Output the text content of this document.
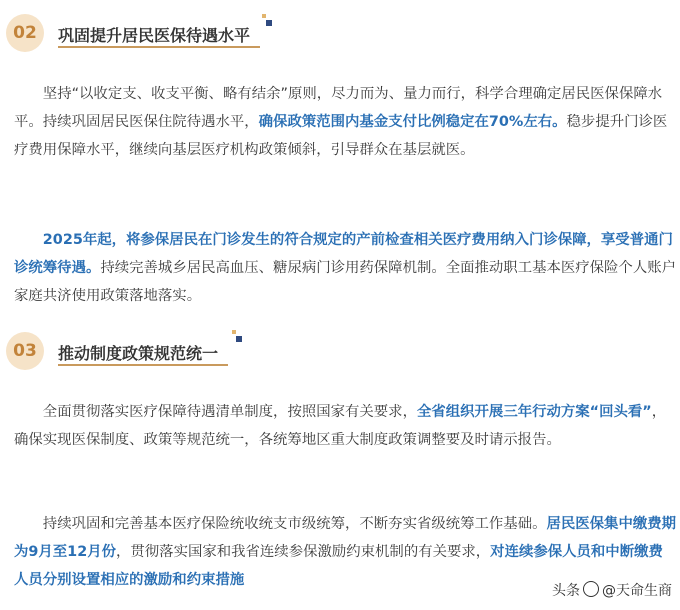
02	巩固提升居民医保待遇水平

坚持“以收定支、收支平衡、略有结余”原则，尽力而为、量力而行，科学合理确定居民医保保障水平。持续巩固居民医保住院待遇水平，确保政策范围内基金支付比例稳定在70%左右。稳步提升门诊医疗费用保障水平，继续向基层医疗机构政策倾斜，引导群众在基层就医。

2025年起，将参保居民在门诊发生的符合规定的产前检查相关医疗费用纳入门诊保障，享受普通门诊统筹待遇。持续完善城乡居民高血压、糖尿病门诊用药保障机制。全面推动职工基本医疗保险个人账户家庭共济使用政策落地落实。

03	推动制度政策规范统一

全面贯彻落实医疗保障待遇清单制度，按照国家有关要求，全省组织开展三年行动方案“回头看”，确保实现医保制度、政策等规范统一，各统筹地区重大制度政策调整要及时请示报告。

持续巩固和完善基本医疗保险统收统支市级统筹，不断夯实省级统筹工作基础。居民医保集中缴费期为9月至12月份，贯彻落实国家和我省连续参保激励约束机制的有关要求，对连续参保人员和中断缴费人员分别设置相应的激励和约束措施

头条 @天命生商
